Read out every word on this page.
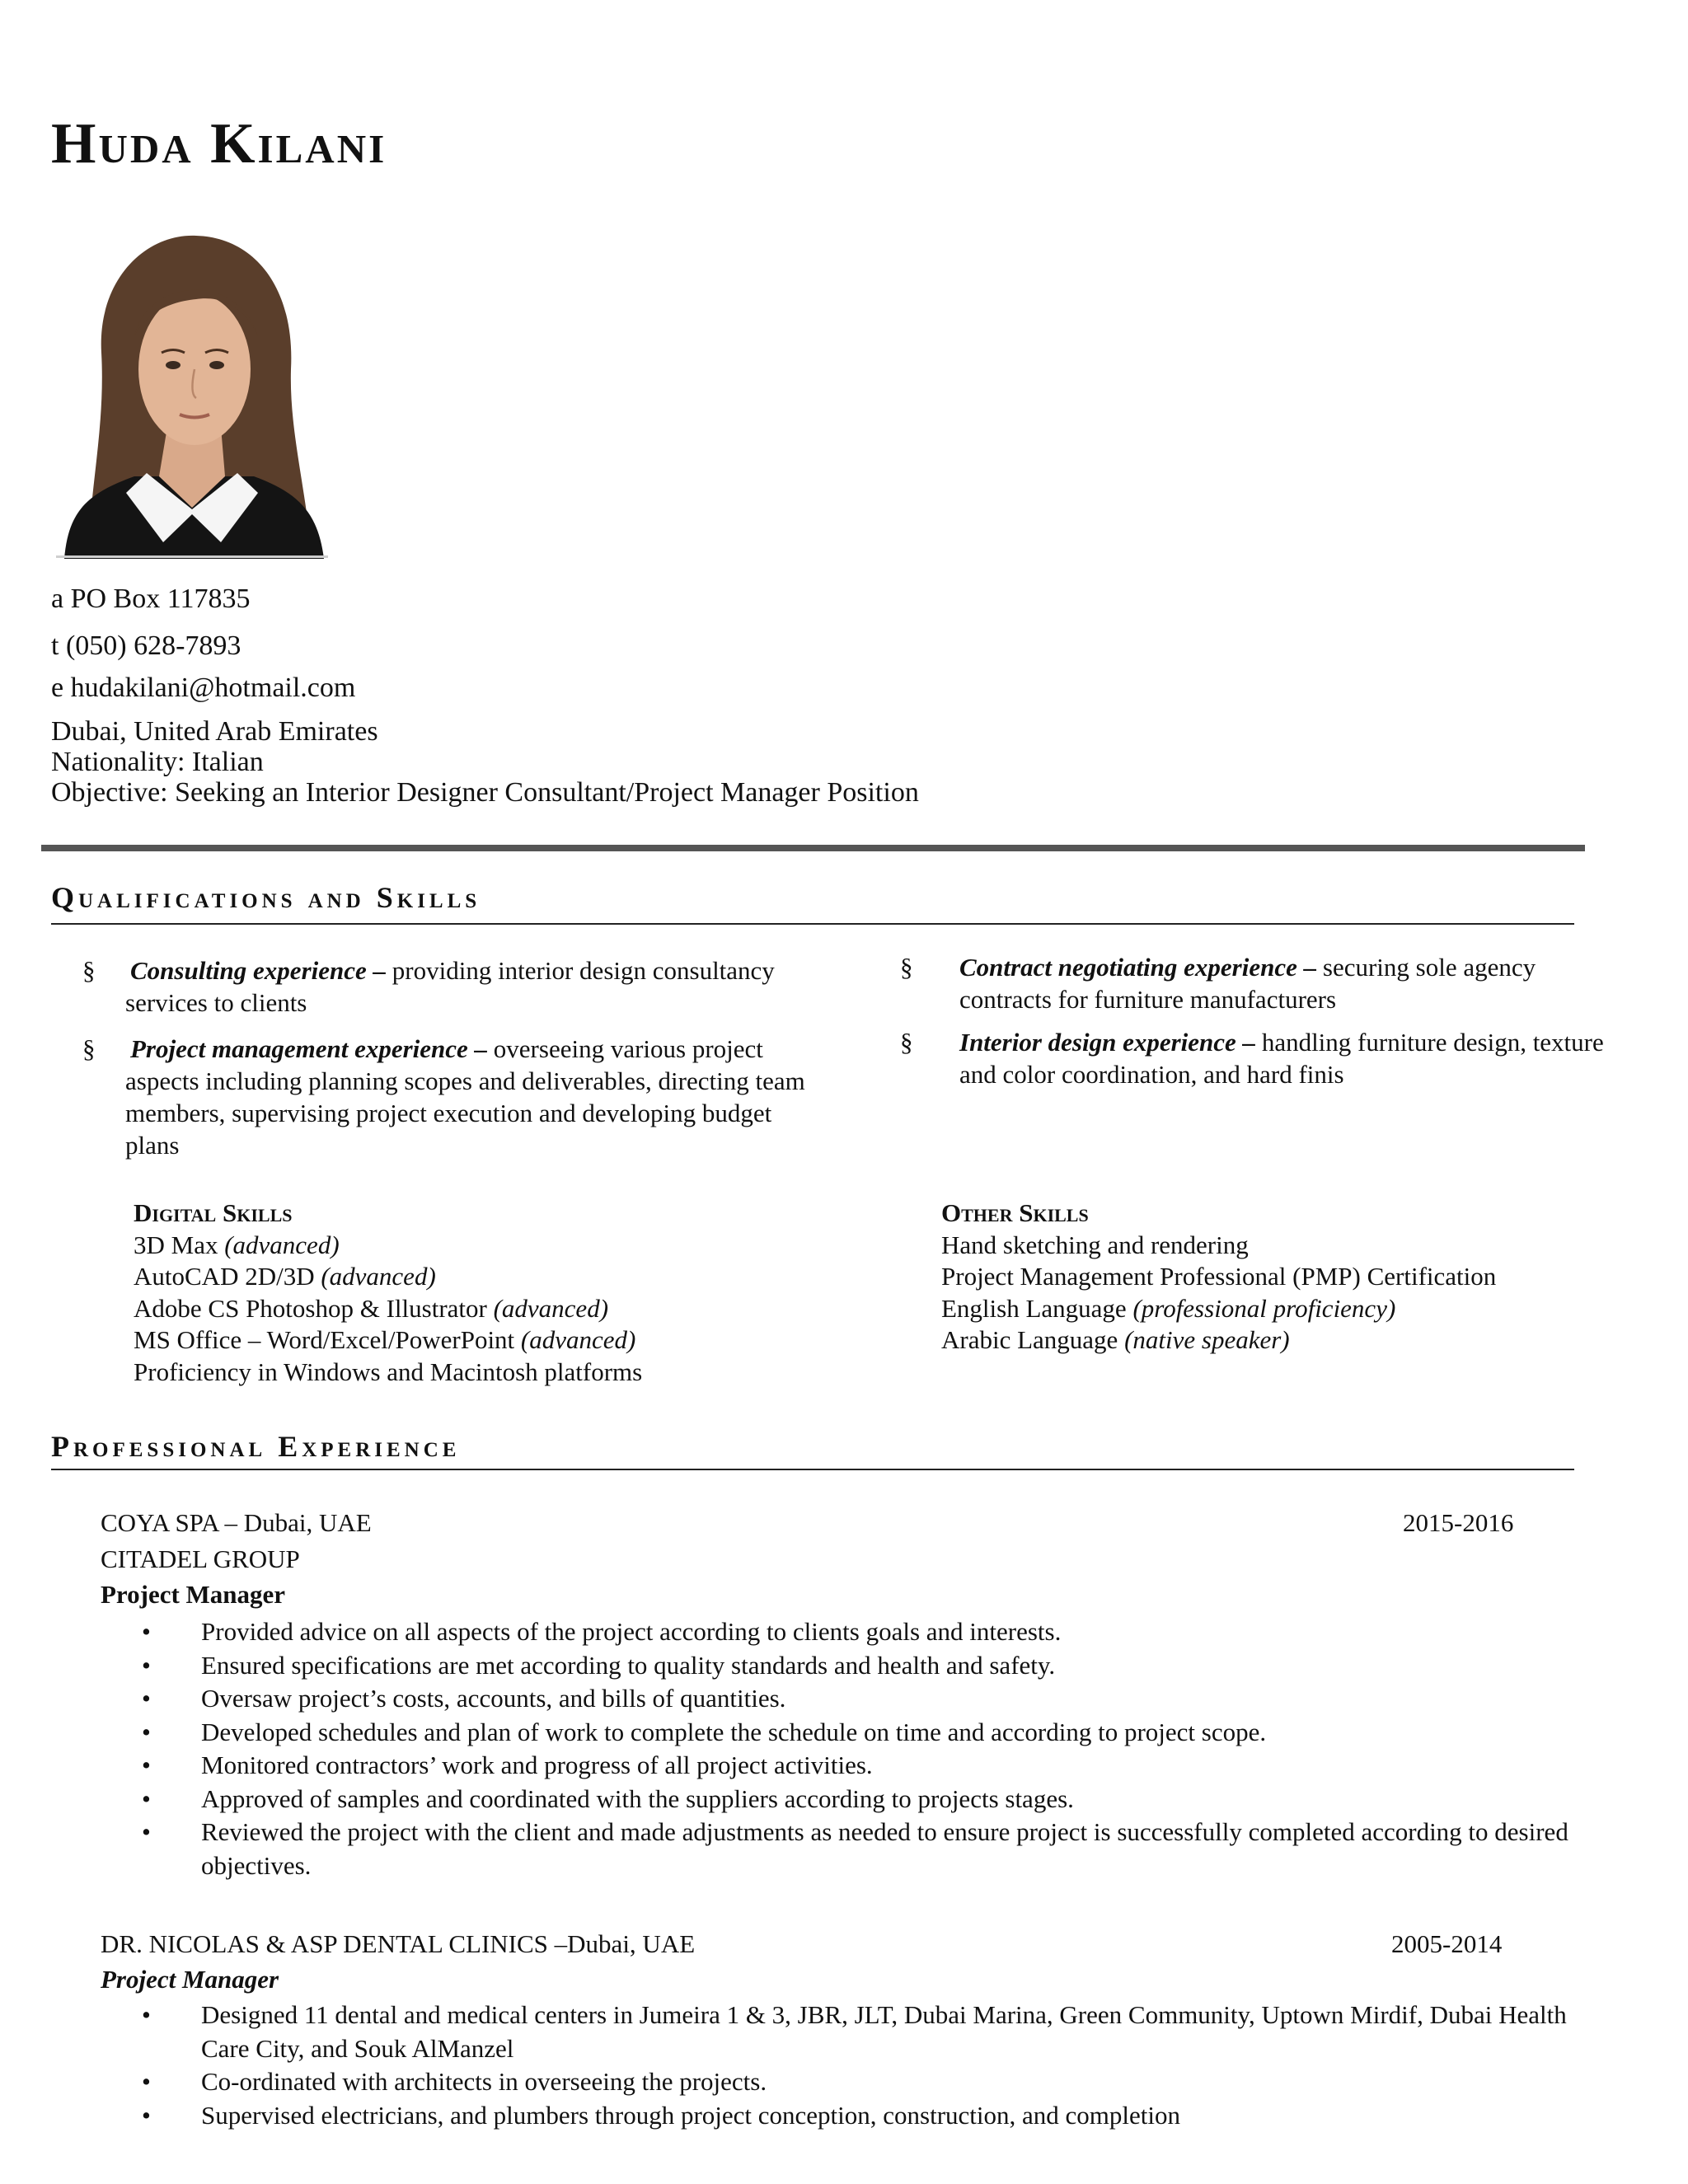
Huda Kilani
a PO Box 117835
t (050) 628-7893
e hudakilani@hotmail.com
Dubai, United Arab Emirates
Nationality: Italian
Objective: Seeking an Interior Designer Consultant/Project Manager Position
Qualifications and Skills
§ Consulting experience – providing interior design consultancy services to clients
§ Project management experience – overseeing various project aspects including planning scopes and deliverables, directing team members, supervising project execution and developing budget plans
§ Contract negotiating experience – securing sole agency contracts for furniture manufacturers
§ Interior design experience – handling furniture design, texture and color coordination, and hard finis
Digital Skills
3D Max (advanced)
AutoCAD 2D/3D (advanced)
Adobe CS Photoshop & Illustrator (advanced)
MS Office – Word/Excel/PowerPoint (advanced)
Proficiency in Windows and Macintosh platforms
Other Skills
Hand sketching and rendering
Project Management Professional (PMP) Certification
English Language (professional proficiency)
Arabic Language (native speaker)
Professional Experience
COYA SPA – Dubai, UAE	2015-2016
CITADEL GROUP
Project Manager
• Provided advice on all aspects of the project according to clients goals and interests.
• Ensured specifications are met according to quality standards and health and safety.
• Oversaw project’s costs, accounts, and bills of quantities.
• Developed schedules and plan of work to complete the schedule on time and according to project scope.
• Monitored contractors’ work and progress of all project activities.
• Approved of samples and coordinated with the suppliers according to projects stages.
• Reviewed the project with the client and made adjustments as needed to ensure project is successfully completed according to desired objectives.
DR. NICOLAS & ASP DENTAL CLINICS –Dubai, UAE	2005-2014
Project Manager
• Designed 11 dental and medical centers in Jumeira 1 & 3, JBR, JLT, Dubai Marina, Green Community, Uptown Mirdif, Dubai Health Care City, and Souk AlManzel
• Co-ordinated with architects in overseeing the projects.
• Supervised electricians, and plumbers through project conception, construction, and completion
